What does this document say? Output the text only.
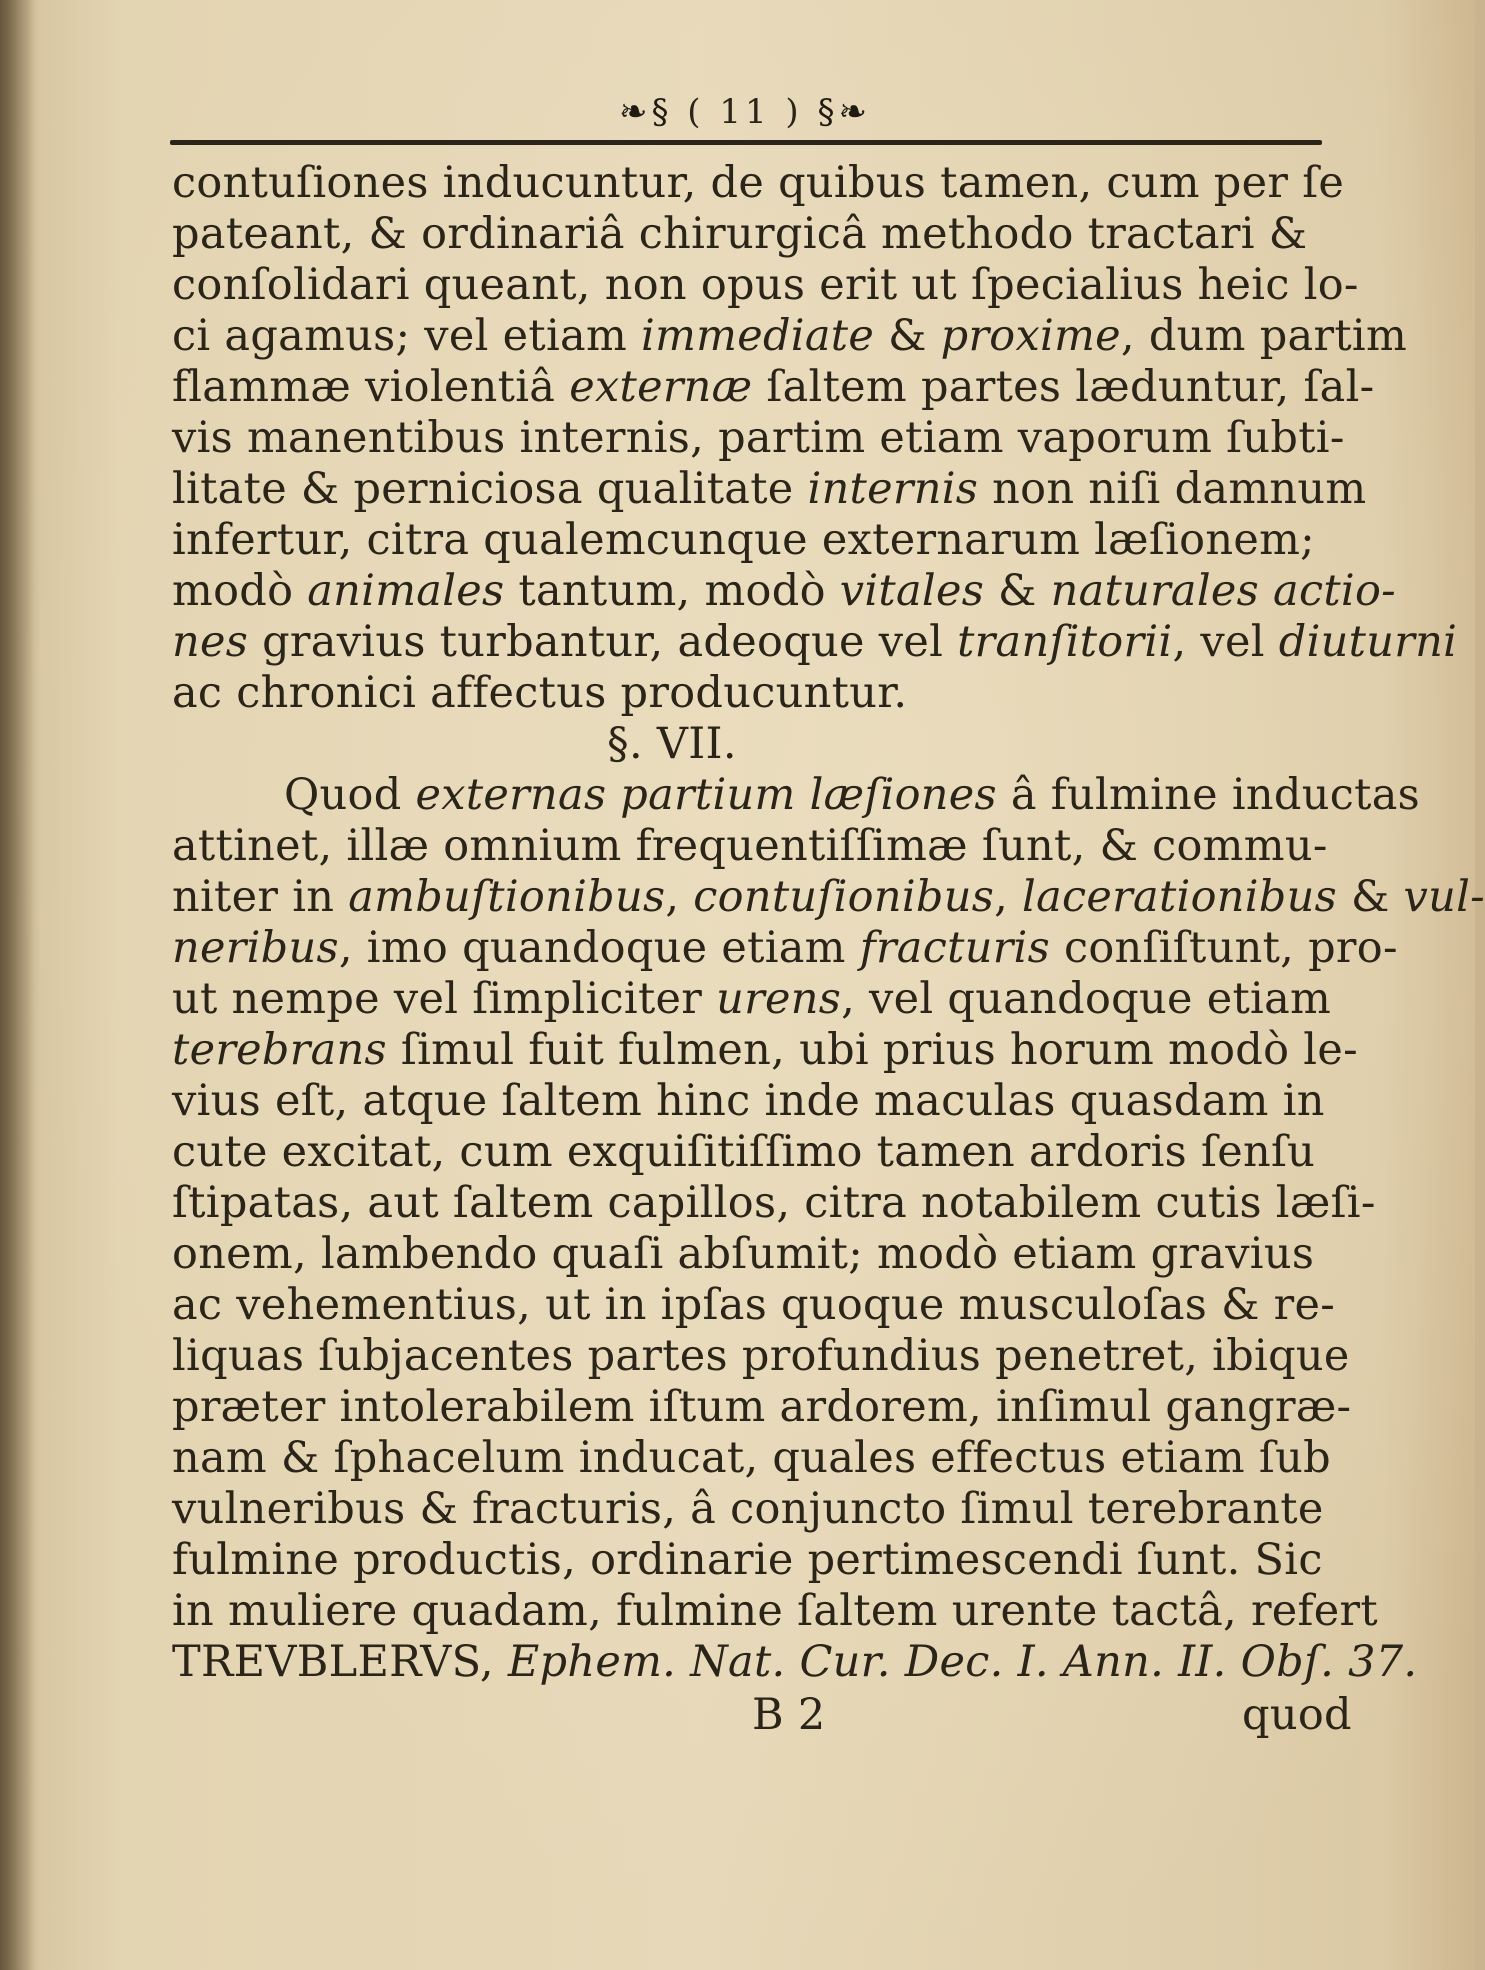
❧§ ( 11 ) §❧
contuſiones inducuntur, de quibus tamen, cum per ſe
pateant, & ordinariâ chirurgicâ methodo tractari &
conſolidari queant, non opus erit ut ſpecialius heic lo-
ci agamus; vel etiam immediate & proxime, dum partim
flammæ violentiâ externæ ſaltem partes læduntur, ſal-
vis manentibus internis, partim etiam vaporum ſubti-
litate & perniciosa qualitate internis non niſi damnum
infertur, citra qualemcunque externarum læſionem;
modò animales tantum, modò vitales & naturales actio-
nes gravius turbantur, adeoque vel tranſitorii, vel diuturni
ac chronici affectus producuntur.
§. VII.
Quod externas partium læſiones â fulmine inductas
attinet, illæ omnium frequentiſſimæ ſunt, & commu-
niter in ambuſtionibus, contuſionibus, lacerationibus & vul-
neribus, imo quandoque etiam fracturis conſiſtunt, pro-
ut nempe vel ſimpliciter urens, vel quandoque etiam
terebrans ſimul fuit fulmen, ubi prius horum modò le-
vius eſt, atque ſaltem hinc inde maculas quasdam in
cute excitat, cum exquiſitiſſimo tamen ardoris ſenſu
ſtipatas, aut ſaltem capillos, citra notabilem cutis læſi-
onem, lambendo quaſi abſumit; modò etiam gravius
ac vehementius, ut in ipſas quoque musculoſas & re-
liquas ſubjacentes partes profundius penetret, ibique
præter intolerabilem iſtum ardorem, inſimul gangræ-
nam & ſphacelum inducat, quales effectus etiam ſub
vulneribus & fracturis, â conjuncto ſimul terebrante
fulmine productis, ordinarie pertimescendi ſunt. Sic
in muliere quadam, fulmine ſaltem urente tactâ, refert
TREVBLERVS, Ephem. Nat. Cur. Dec. I. Ann. II. Obſ. 37.
B 2	quod
